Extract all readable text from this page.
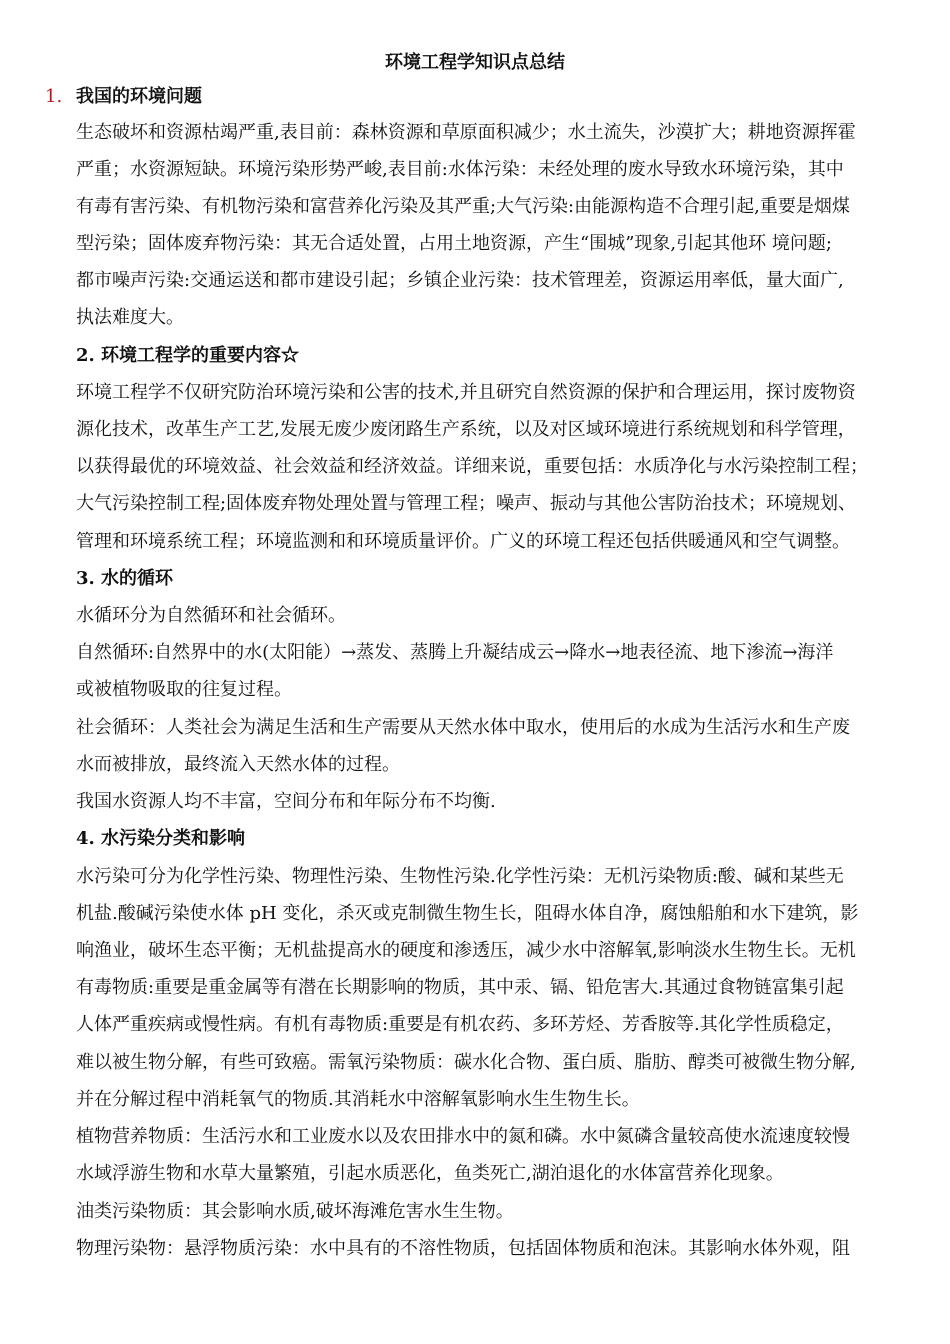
环境工程学知识点总结
1. 我国的环境问题
生态破坏和资源枯竭严重,表目前：森林资源和草原面积减少；水土流失，沙漠扩大；耕地资源挥霍
严重；水资源短缺。环境污染形势严峻,表目前:水体污染：未经处理的废水导致水环境污染，其中
有毒有害污染、有机物污染和富营养化污染及其严重;大气污染:由能源构造不合理引起,重要是烟煤
型污染；固体废弃物污染：其无合适处置，占用土地资源，产生“围城”现象,引起其他环 境问题;
都市噪声污染:交通运送和都市建设引起；乡镇企业污染：技术管理差，资源运用率低，量大面广,
执法难度大。
2. 环境工程学的重要内容☆
环境工程学不仅研究防治环境污染和公害的技术,并且研究自然资源的保护和合理运用，探讨废物资
源化技术，改革生产工艺,发展无废少废闭路生产系统，以及对区域环境进行系统规划和科学管理，
以获得最优的环境效益、社会效益和经济效益。详细来说，重要包括：水质净化与水污染控制工程；
大气污染控制工程;固体废弃物处理处置与管理工程；噪声、振动与其他公害防治技术；环境规划、
管理和环境系统工程；环境监测和和环境质量评价。广义的环境工程还包括供暖通风和空气调整。
3. 水的循环
水循环分为自然循环和社会循环。
自然循环:自然界中的水(太阳能）→蒸发、蒸腾上升凝结成云→降水→地表径流、地下渗流→海洋
或被植物吸取的往复过程。
社会循环：人类社会为满足生活和生产需要从天然水体中取水，使用后的水成为生活污水和生产废
水而被排放，最终流入天然水体的过程。
我国水资源人均不丰富，空间分布和年际分布不均衡.
4. 水污染分类和影响
水污染可分为化学性污染、物理性污染、生物性污染.化学性污染：无机污染物质:酸、碱和某些无
机盐.酸碱污染使水体 pH 变化，杀灭或克制微生物生长，阻碍水体自净，腐蚀船舶和水下建筑，影
响渔业，破坏生态平衡；无机盐提高水的硬度和渗透压，减少水中溶解氧,影响淡水生物生长。无机
有毒物质:重要是重金属等有潜在长期影响的物质，其中汞、镉、铅危害大.其通过食物链富集引起
人体严重疾病或慢性病。有机有毒物质:重要是有机农药、多环芳烃、芳香胺等.其化学性质稳定，
难以被生物分解，有些可致癌。需氧污染物质：碳水化合物、蛋白质、脂肪、醇类可被微生物分解,
并在分解过程中消耗氧气的物质.其消耗水中溶解氧影响水生生物生长。
植物营养物质：生活污水和工业废水以及农田排水中的氮和磷。水中氮磷含量较高使水流速度较慢
水域浮游生物和水草大量繁殖，引起水质恶化，鱼类死亡,湖泊退化的水体富营养化现象。
油类污染物质：其会影响水质,破坏海滩危害水生生物。
物理污染物：悬浮物质污染：水中具有的不溶性物质，包括固体物质和泡沫。其影响水体外观，阻
